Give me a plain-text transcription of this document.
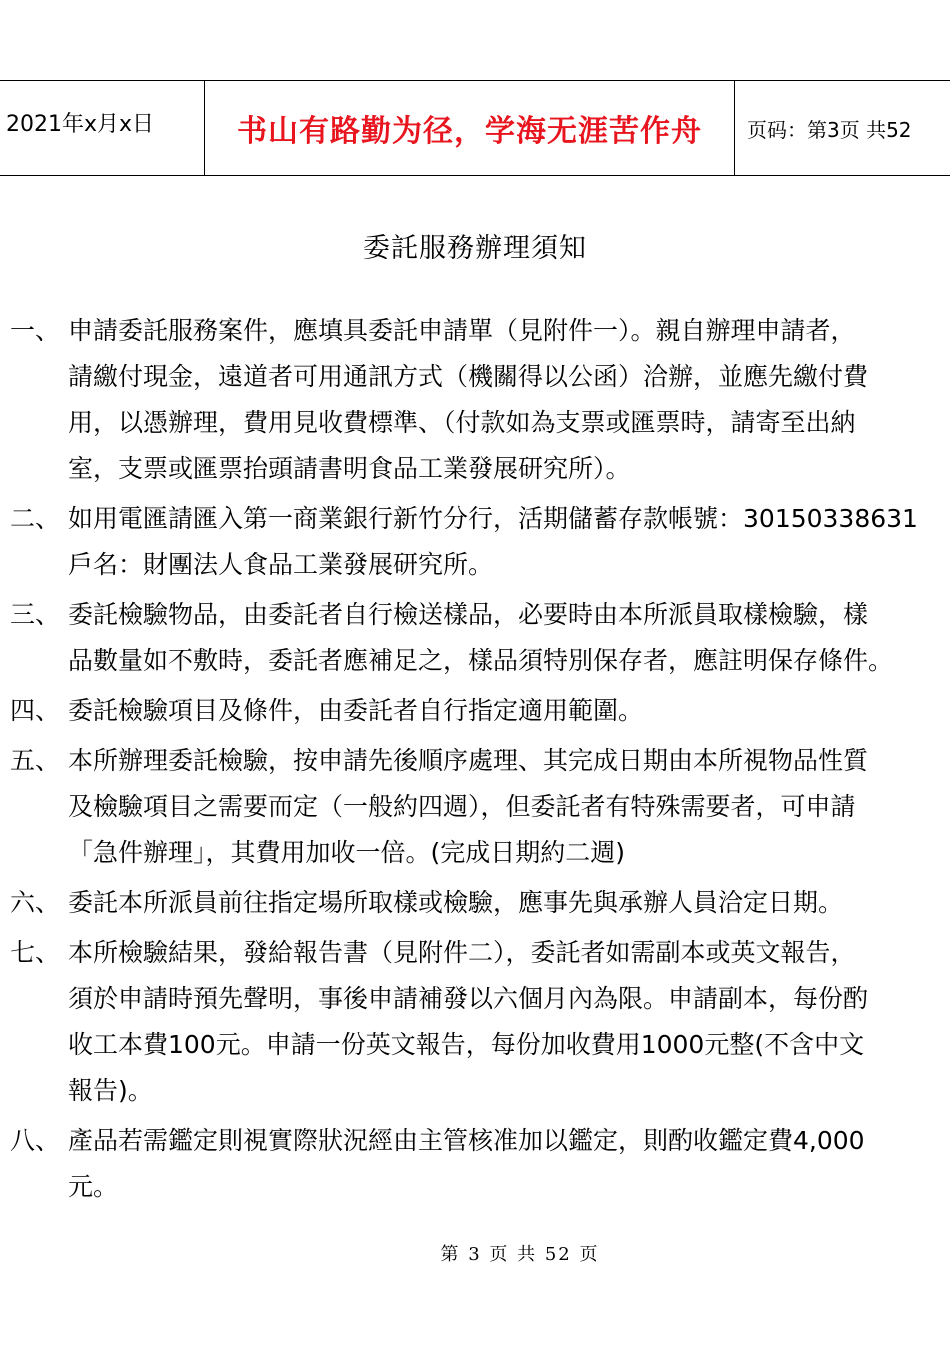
2021年x月x日	书山有路勤为径，学海无涯苦作舟	页码：第3页 共52
委託服務辦理須知
一、 申請委託服務案件，應填具委託申請單（見附件一）。親自辦理申請者，
請繳付現金，遠道者可用通訊方式（機關得以公函）洽辦，並應先繳付費
用，以憑辦理，費用見收費標準、（付款如為支票或匯票時，請寄至出納
室，支票或匯票抬頭請書明食品工業發展研究所）。
二、 如用電匯請匯入第一商業銀行新竹分行，活期儲蓄存款帳號：30150338631
戶名：財團法人食品工業發展研究所。
三、 委託檢驗物品，由委託者自行檢送樣品，必要時由本所派員取樣檢驗，樣
品數量如不敷時，委託者應補足之，樣品須特別保存者，應註明保存條件。
四、 委託檢驗項目及條件，由委託者自行指定適用範圍。
五、 本所辦理委託檢驗，按申請先後順序處理、其完成日期由本所視物品性質
及檢驗項目之需要而定（一般約四週），但委託者有特殊需要者，可申請
「急件辦理」，其費用加收一倍。(完成日期約二週)
六、 委託本所派員前往指定場所取樣或檢驗，應事先與承辦人員洽定日期。
七、 本所檢驗結果，發給報告書（見附件二），委託者如需副本或英文報告，
須於申請時預先聲明，事後申請補發以六個月內為限。申請副本，每份酌
收工本費100元。申請一份英文報告，每份加收費用1000元整(不含中文
報告)。
八、 產品若需鑑定則視實際狀況經由主管核准加以鑑定，則酌收鑑定費4,000
元。
第 3 页 共 52 页
